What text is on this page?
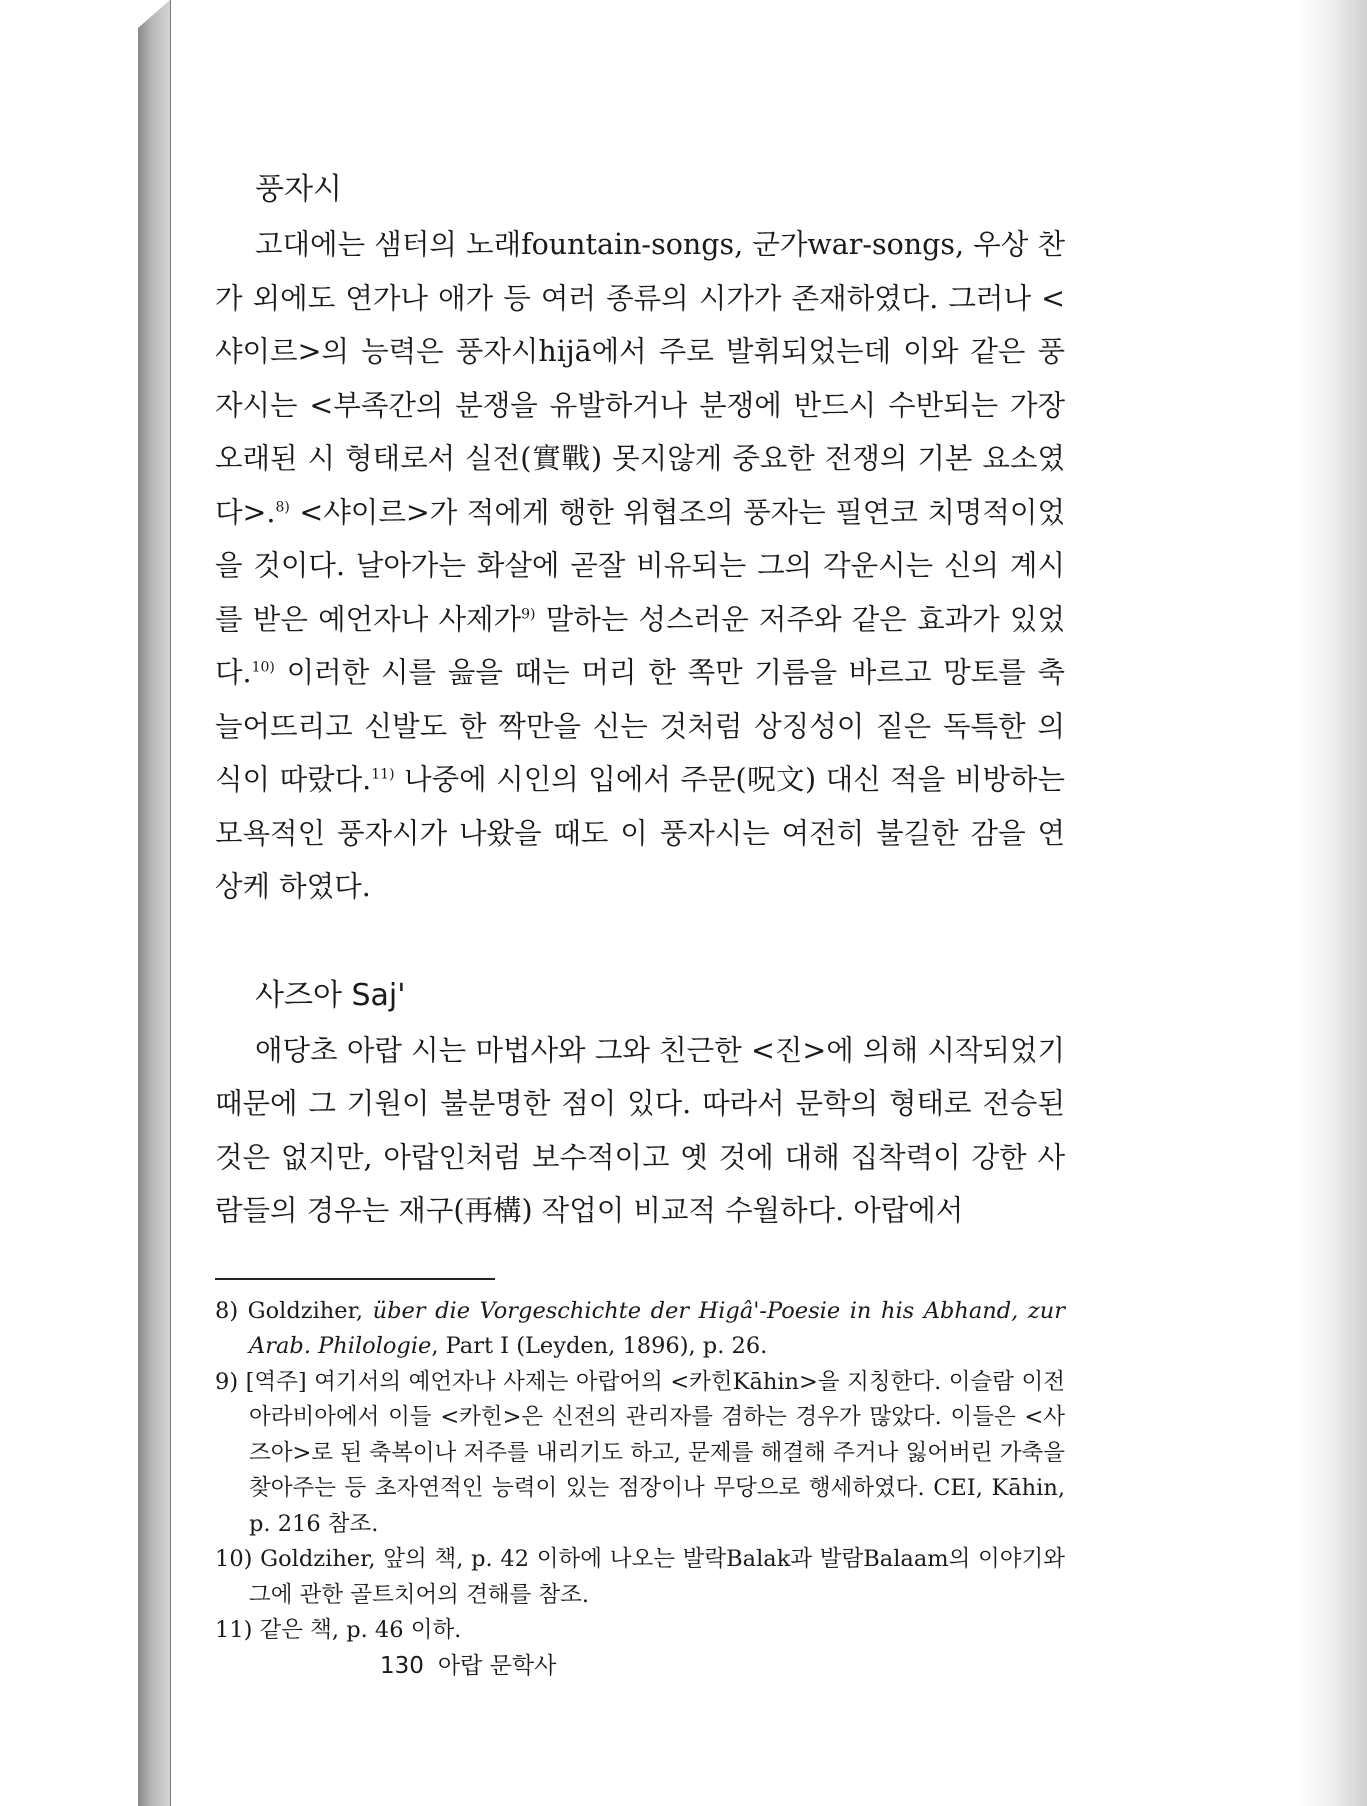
풍자시

고대에는 샘터의 노래fountain-songs, 군가war-songs, 우상 찬가 외에도 연가나 애가 등 여러 종류의 시가가 존재하였다. 그러나 <샤이르>의 능력은 풍자시hijā에서 주로 발휘되었는데 이와 같은 풍자시는 <부족간의 분쟁을 유발하거나 분쟁에 반드시 수반되는 가장 오래된 시 형태로서 실전(實戰) 못지않게 중요한 전쟁의 기본 요소였다>.$^{8)}$ <샤이르>가 적에게 행한 위협조의 풍자는 필연코 치명적이었을 것이다. 날아가는 화살에 곧잘 비유되는 그의 각운시는 신의 계시를 받은 예언자나 사제가$^{9)}$ 말하는 성스러운 저주와 같은 효과가 있었다.$^{10)}$ 이러한 시를 읊을 때는 머리 한 쪽만 기름을 바르고 망토를 축 늘어뜨리고 신발도 한 짝만을 신는 것처럼 상징성이 짙은 독특한 의식이 따랐다.$^{11)}$ 나중에 시인의 입에서 주문(呪文) 대신 적을 비방하는 모욕적인 풍자시가 나왔을 때도 이 풍자시는 여전히 불길한 감을 연상케 하였다.

사즈아 Saj'

애당초 아랍 시는 마법사와 그와 친근한 <진>에 의해 시작되었기 때문에 그 기원이 불분명한 점이 있다. 따라서 문학의 형태로 전승된 것은 없지만, 아랍인처럼 보수적이고 옛 것에 대해 집착력이 강한 사람들의 경우는 재구(再構) 작업이 비교적 수월하다. 아랍에서

8) Goldziher, über die Vorgeschichte der Higâ'-Poesie in his Abhand, zur Arab. Philologie, Part I (Leyden, 1896), p. 26.
9) [역주] 여기서의 예언자나 사제는 아랍어의 <카힌Kāhin>을 지칭한다. 이슬람 이전 아라비아에서 이들 <카힌>은 신전의 관리자를 겸하는 경우가 많았다. 이들은 <사즈아>로 된 축복이나 저주를 내리기도 하고, 문제를 해결해 주거나 잃어버린 가축을 찾아주는 등 초자연적인 능력이 있는 점장이나 무당으로 행세하였다. CEI, Kāhin, p. 216 참조.
10) Goldziher, 앞의 책, p. 42 이하에 나오는 발락Balak과 발람Balaam의 이야기와 그에 관한 골트치어의 견해를 참조.
11) 같은 책, p. 46 이하.
130 아랍 문학사
